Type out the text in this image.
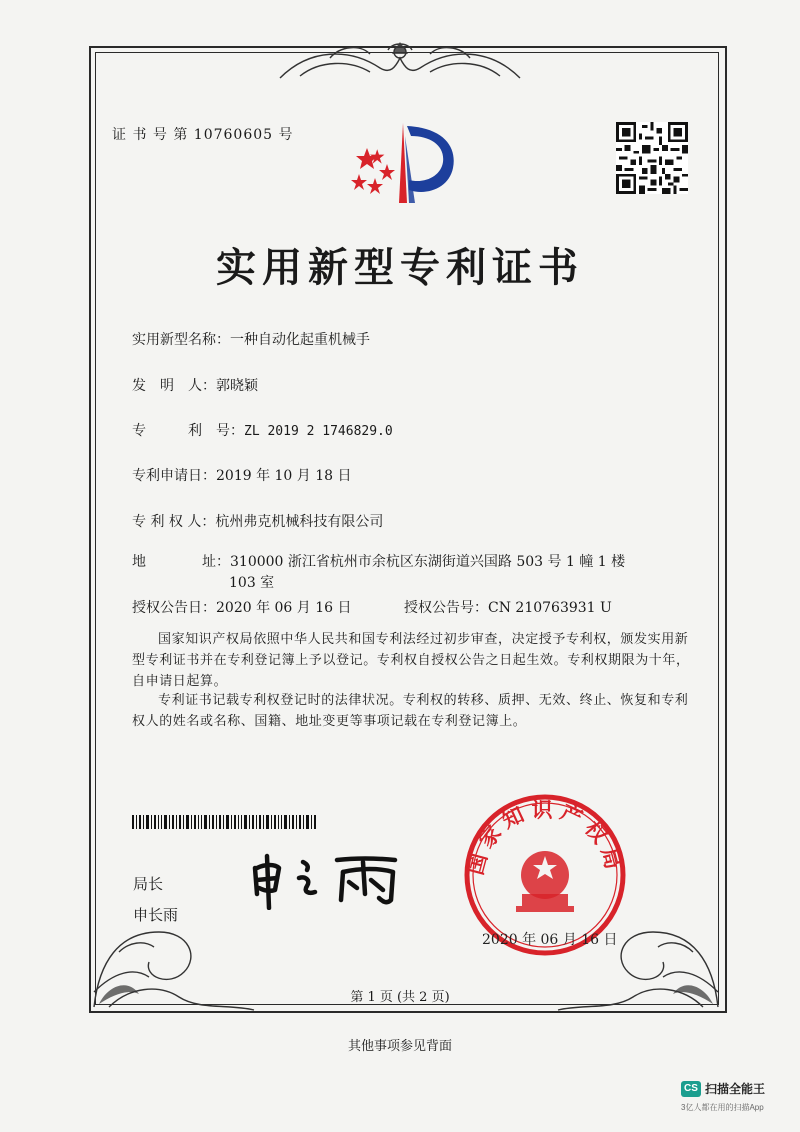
证 书 号 第 10760605 号
实用新型专利证书
实用新型名称：一种自动化起重机械手
发　明　人：郭晓颖
专　　　利　号：ZL 2019 2 1746829.0
专利申请日：2019 年 10 月 18 日
专 利 权 人：杭州弗克机械科技有限公司
地　　　　址：310000 浙江省杭州市余杭区东湖街道兴国路 503 号 1 幢 1 楼
103 室
授权公告日：2020 年 06 月 16 日	授权公告号：CN 210763931 U
国家知识产权局依照中华人民共和国专利法经过初步审查，决定授予专利权，颁发实用新型专利证书并在专利登记簿上予以登记。专利权自授权公告之日起生效。专利权期限为十年，自申请日起算。
专利证书记载专利权登记时的法律状况。专利权的转移、质押、无效、终止、恢复和专利权人的姓名或名称、国籍、地址变更等事项记载在专利登记簿上。
局长
申长雨
国家知识产权局
2020 年 06 月 16 日
第 1 页 (共 2 页)
其他事项参见背面
CS 扫描全能王
3亿人都在用的扫描App
